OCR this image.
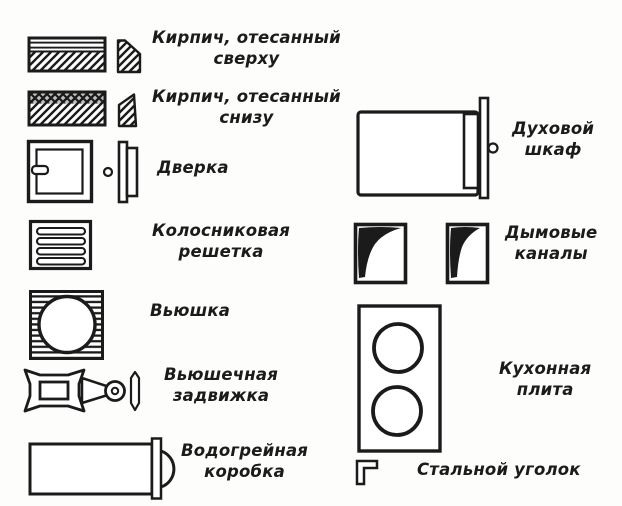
Кирпич, отесанный
сверху
Кирпич, отесанный
снизу
Дверка
Колосниковая
решетка
Вьюшка
Вьюшечная
задвижка
Водогрейная
коробка
Духовой
шкаф
Дымовые
каналы
Кухонная
плита
Стальной уголок
